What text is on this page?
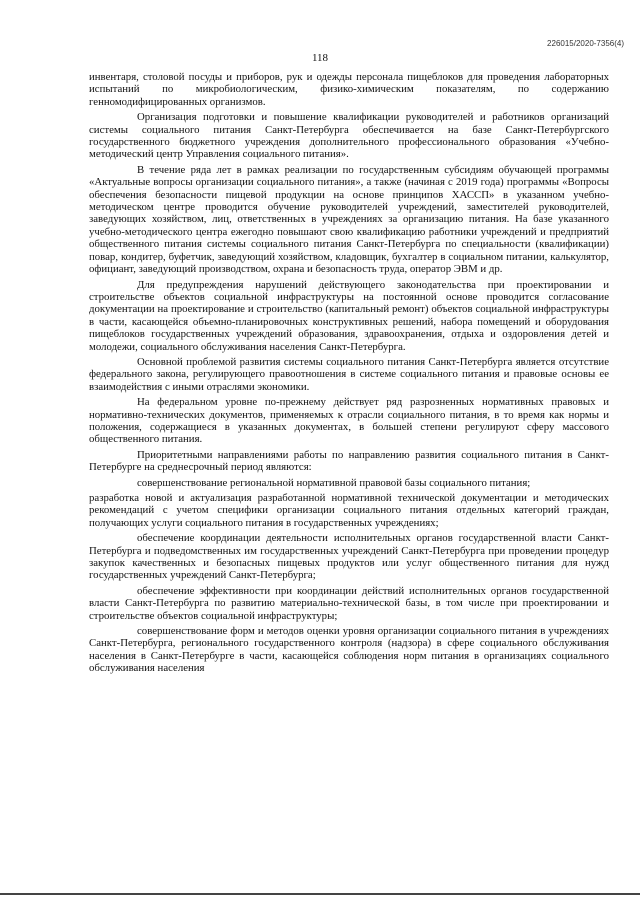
226015/2020-7356(4)
118

инвентаря, столовой посуды и приборов, рук и одежды персонала пищеблоков для проведения лабораторных испытаний по микробиологическим, физико-химическим показателям, по содержанию генномодифицированных организмов.

Организация подготовки и повышение квалификации руководителей и работников организаций системы социального питания Санкт-Петербурга обеспечивается на базе Санкт-Петербургского государственного бюджетного учреждения дополнительного профессионального образования «Учебно-методический центр Управления социального питания».

В течение ряда лет в рамках реализации по государственным субсидиям обучающей программы «Актуальные вопросы организации социального питания», а также (начиная с 2019 года) программы «Вопросы обеспечения безопасности пищевой продукции на основе принципов ХАССП» в указанном учебно-методическом центре проводится обучение руководителей учреждений, заместителей руководителей, заведующих хозяйством, лиц, ответственных в учреждениях за организацию питания. На базе указанного учебно-методического центра ежегодно повышают свою квалификацию работники учреждений и предприятий общественного питания системы социального питания Санкт-Петербурга по специальности (квалификации) повар, кондитер, буфетчик, заведующий хозяйством, кладовщик, бухгалтер в социальном питании, калькулятор, официант, заведующий производством, охрана и безопасность труда, оператор ЭВМ и др.

Для предупреждения нарушений действующего законодательства при проектировании и строительстве объектов социальной инфраструктуры на постоянной основе проводится согласование документации на проектирование и строительство (капитальный ремонт) объектов социальной инфраструктуры в части, касающейся объемно-планировочных конструктивных решений, набора помещений и оборудования пищеблоков государственных учреждений образования, здравоохранения, отдыха и оздоровления детей и молодежи, социального обслуживания населения Санкт-Петербурга.

Основной проблемой развития системы социального питания Санкт-Петербурга является отсутствие федерального закона, регулирующего правоотношения в системе социального питания и правовые основы ее взаимодействия с иными отраслями экономики.

На федеральном уровне по-прежнему действует ряд разрозненных нормативных правовых и нормативно-технических документов, применяемых к отрасли социального питания, в то время как нормы и положения, содержащиеся в указанных документах, в большей степени регулируют сферу массового общественного питания.

Приоритетными направлениями работы по направлению развития социального питания в Санкт-Петербурге на среднесрочный период являются:

совершенствование региональной нормативной правовой базы социального питания;

разработка новой и актуализация разработанной нормативной технической документации и методических рекомендаций с учетом специфики организации социального питания отдельных категорий граждан, получающих услуги социального питания в государственных учреждениях;

обеспечение координации деятельности исполнительных органов государственной власти Санкт-Петербурга и подведомственных им государственных учреждений Санкт-Петербурга при проведении процедур закупок качественных и безопасных пищевых продуктов или услуг общественного питания для нужд государственных учреждений Санкт-Петербурга;

обеспечение эффективности при координации действий исполнительных органов государственной власти Санкт-Петербурга по развитию материально-технической базы, в том числе при проектировании и строительстве объектов социальной инфраструктуры;

совершенствование форм и методов оценки уровня организации социального питания в учреждениях Санкт-Петербурга, регионального государственного контроля (надзора) в сфере социального обслуживания населения в Санкт-Петербурге в части, касающейся соблюдения норм питания в организациях социального обслуживания населения
